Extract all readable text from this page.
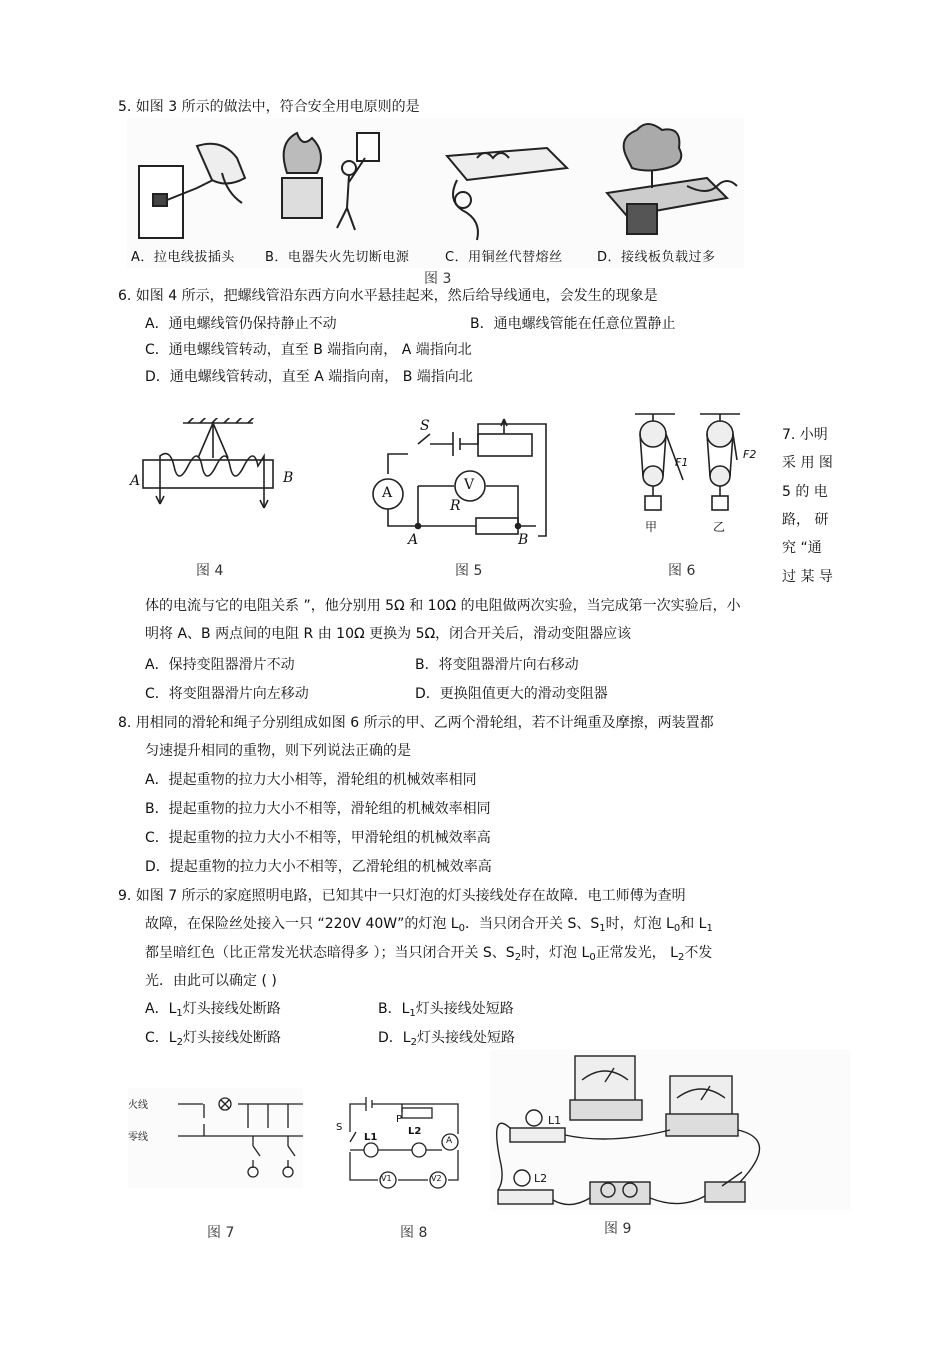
5. 如图 3 所示的做法中，符合安全用电原则的是
A．拉电线拔插头 B．电器失火先切断电源	C．用铜丝代替熔丝	D．接线板负载过多
图 3
6. 如图 4 所示，把螺线管沿东西方向水平悬挂起来，然后给导线通电，会发生的现象是
A．通电螺线管仍保持静止不动	B．通电螺线管能在任意位置静止
C．通电螺线管转动，直至 B 端指向南， A 端指向北
D．通电螺线管转动，直至 A 端指向南， B 端指向北
A	B
图 4
S
A	V
R
A	B
图 5
F1
F2
甲	乙
图 6
7. 小明
采 用 图
5 的 电
路， 研
究 “通
过 某 导
体的电流与它的电阻关系 ”，他分别用 5Ω 和 10Ω 的电阻做两次实验，当完成第一次实验后，小
明将 A、B 两点间的电阻 R 由 10Ω 更换为 5Ω，闭合开关后，滑动变阻器应该
A．保持变阻器滑片不动	B．将变阻器滑片向右移动
C．将变阻器滑片向左移动	D．更换阻值更大的滑动变阻器
8. 用相同的滑轮和绳子分别组成如图 6 所示的甲、乙两个滑轮组，若不计绳重及摩擦，两装置都
匀速提升相同的重物，则下列说法正确的是
A．提起重物的拉力大小相等，滑轮组的机械效率相同
B．提起重物的拉力大小不相等，滑轮组的机械效率相同
C．提起重物的拉力大小不相等，甲滑轮组的机械效率高
D．提起重物的拉力大小不相等，乙滑轮组的机械效率高
9. 如图 7 所示的家庭照明电路，已知其中一只灯泡的灯头接线处存在故障．电工师傅为查明
故障，在保险丝处接入一只 “220V 40W”的灯泡 $L_0$．当只闭合开关 S、$S_1$时，灯泡 $L_0$和 $L_1$
都呈暗红色（比正常发光状态暗得多 ）；当只闭合开关 S、$S_2$时，灯泡 $L_0$正常发光， $L_2$不发
光．由此可以确定 ( )
A．$L_1$灯头接线处断路	B．$L_1$灯头接线处短路
C．$L_2$灯头接线处断路	D．$L_2$灯头接线处短路
火线
零线
图 7
S
P
L1
L2
A
V1	V2
图 8
L1
L2
图 9
